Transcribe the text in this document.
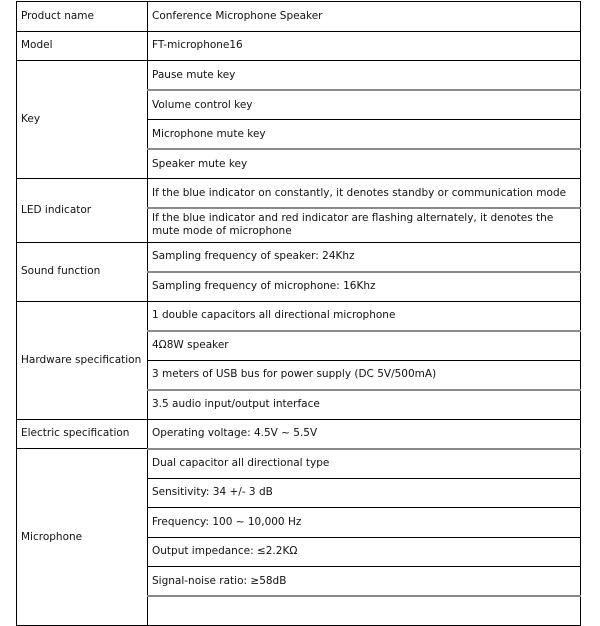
Product name	Conference Microphone Speaker
Model	FT-microphone16
Key	Pause mute key
	Volume control key
	Microphone mute key
	Speaker mute key
LED indicator	If the blue indicator on constantly, it denotes standby or communication mode
	If the blue indicator and red indicator are flashing alternately, it denotes the mute mode of microphone
Sound function	Sampling frequency of speaker: 24Khz
	Sampling frequency of microphone: 16Khz
Hardware specification	1 double capacitors all directional microphone
	4Ω8W speaker
	3 meters of USB bus for power supply (DC 5V/500mA)
	3.5 audio input/output interface
Electric specification	Operating voltage: 4.5V ~ 5.5V
Microphone	Dual capacitor all directional type
	Sensitivity: 34 +/- 3 dB
	Frequency: 100 ~ 10,000 Hz
	Output impedance: ≤2.2KΩ
	Signal-noise ratio: ≥58dB
